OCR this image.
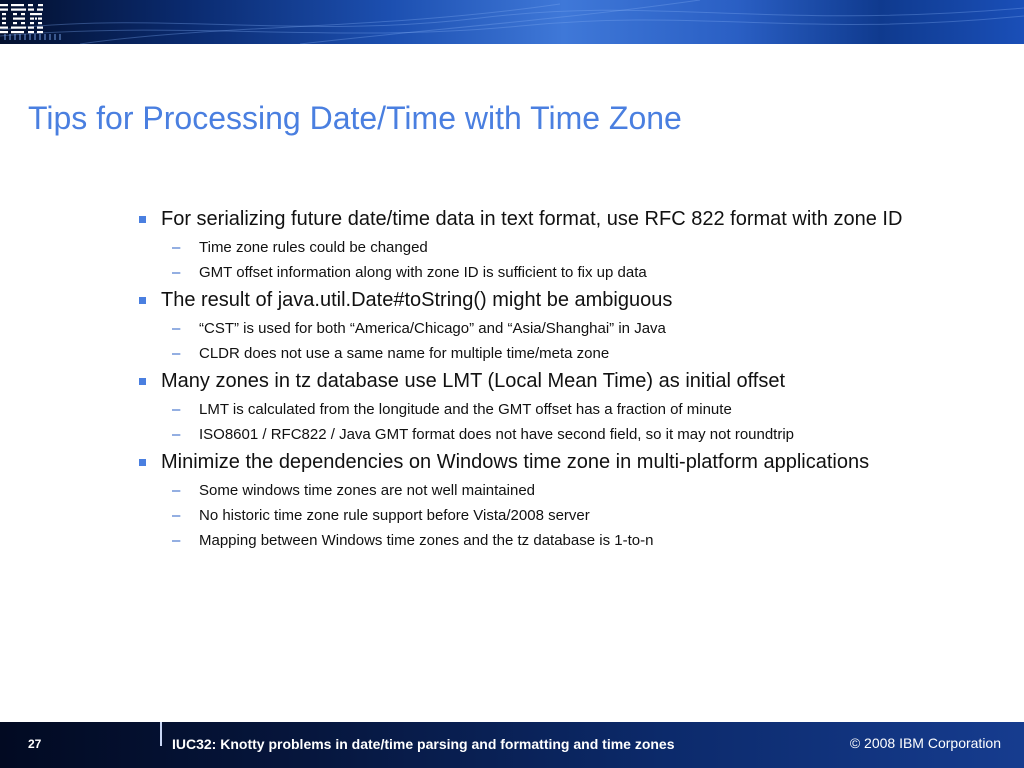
Tips for Processing Date/Time with Time Zone
For serializing future date/time data in text format, use RFC 822 format with zone ID
– Time zone rules could be changed
– GMT offset information along with zone ID is sufficient to fix up data
The result of java.util.Date#toString() might be ambiguous
– “CST” is used for both “America/Chicago” and “Asia/Shanghai” in Java
– CLDR does not use a same name for multiple time/meta zone
Many zones in tz database use LMT (Local Mean Time) as initial offset
– LMT is calculated from the longitude and the GMT offset has a fraction of minute
– ISO8601 / RFC822 / Java GMT format does not have second field, so it may not roundtrip
Minimize the dependencies on Windows time zone in multi-platform applications
– Some windows time zones are not well maintained
– No historic time zone rule support before Vista/2008 server
– Mapping between Windows time zones and the tz database is 1-to-n
27	IUC32: Knotty problems in date/time parsing and formatting and time zones	© 2008 IBM Corporation
